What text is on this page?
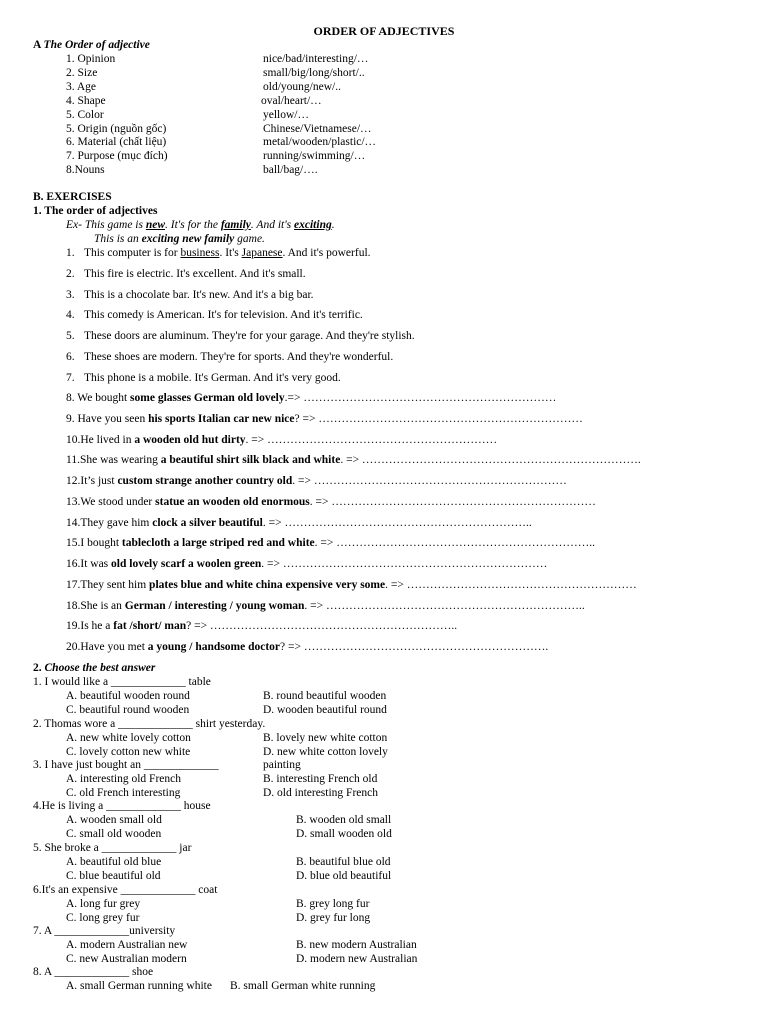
ORDER OF ADJECTIVES
A The Order of adjective
1. Opinion	nice/bad/interesting/…
2. Size	small/big/long/short/..
3. Age	old/young/new/..
4. Shape	oval/heart/…
5. Color	yellow/…
5. Origin (nguồn gốc)	Chinese/Vietnamese/…
6. Material (chất liệu)	metal/wooden/plastic/…
7. Purpose (mục đích)	running/swimming/…
8.Nouns	ball/bag/….
B. EXERCISES
1. The order of adjectives
Ex- This game is new. It's for the family. And it's exciting.
This is an exciting new family game.
1. This computer is for business. It's Japanese. And it's powerful.
2. This fire is electric. It's excellent. And it's small.
3. This is a chocolate bar. It's new. And it's a big bar.
4. This comedy is American. It's for television. And it's terrific.
5. These doors are aluminum. They're for your garage. And they're stylish.
6. These shoes are modern. They're for sports. And they're wonderful.
7. This phone is a mobile. It's German. And it's very good.
8. We bought some glasses German old lovely.=> …………………………………………………………
9. Have you seen his sports Italian car new nice? => ……………………………………………………………
10.He lived in a wooden old hut dirty. => ……………………………………………………
11.She was wearing a beautiful shirt silk black and white. => ……………………………………………………………….
12.It’s just custom strange another country old. => …………………………………………………………
13.We stood under statue an wooden old enormous. => ……………………………………………………………
14.They gave him clock a silver beautiful. => ………………………………………………………..
15.I bought tablecloth a large striped red and white. => …………………………………………………………..
16.It was old lovely scarf a woolen green. => ……………………………………………………………
17.They sent him plates blue and white china expensive very some. => ……………………………………………………
18.She is an German / interesting / young woman. => …………………………………………………………..
19.Is he a fat /short/ man? => ………………………………………………………..
20.Have you met a young / handsome doctor? => ……………………………………………………….
2. Choose the best answer
1. I would like a _____________ table
A. beautiful wooden round	B. round beautiful wooden
C. beautiful round wooden	D. wooden beautiful round
2. Thomas wore a _____________ shirt yesterday.
A. new white lovely cotton	B. lovely new white cotton
C. lovely cotton new white	D. new white cotton lovely
3. I have just bought an _____________	painting
A. interesting old French	B. interesting French old
C. old French interesting	D. old interesting French
4.He is living a _____________ house
A. wooden small old	B. wooden old small
C. small old wooden	D. small wooden old
5. She broke a _____________ jar
A. beautiful old blue	B. beautiful blue old
C. blue beautiful old	D. blue old beautiful
6.It's an expensive _____________ coat
A. long fur grey	B. grey long fur
C. long grey fur	D. grey fur long
7. A _____________university
A. modern Australian new	B. new modern Australian
C. new Australian modern	D. modern new Australian
8. A _____________ shoe
A. small German running white B. small German white running
